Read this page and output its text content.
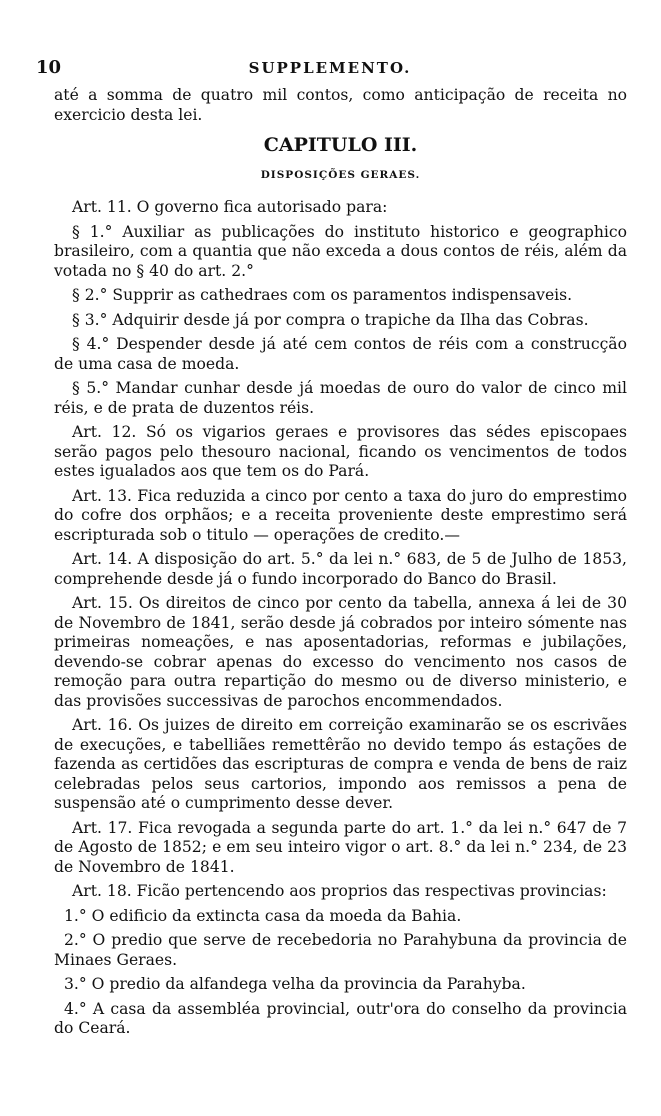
10	SUPPLEMENTO.

até a somma de quatro mil contos, como anticipação de receita no exercicio desta lei.

CAPITULO III.
DISPOSIÇÕES GERAES.

Art. 11. O governo fica autorisado para:

§ 1.° Auxiliar as publicações do instituto historico e geographico brasileiro, com a quantia que não exceda a dous contos de réis, além da votada no § 40 do art. 2.°

§ 2.° Supprir as cathedraes com os paramentos indispensaveis.

§ 3.° Adquirir desde já por compra o trapiche da Ilha das Cobras.

§ 4.° Despender desde já até cem contos de réis com a construcção de uma casa de moeda.

§ 5.° Mandar cunhar desde já moedas de ouro do valor de cinco mil réis, e de prata de duzentos réis.

Art. 12. Só os vigarios geraes e provisores das sédes episcopaes serão pagos pelo thesouro nacional, ficando os vencimentos de todos estes igualados aos que tem os do Pará.

Art. 13. Fica reduzida a cinco por cento a taxa do juro do emprestimo do cofre dos orphãos; e a receita proveniente deste emprestimo será escripturada sob o titulo — operações de credito.—

Art. 14. A disposição do art. 5.° da lei n.° 683, de 5 de Julho de 1853, comprehende desde já o fundo incorporado do Banco do Brasil.

Art. 15. Os direitos de cinco por cento da tabella, annexa á lei de 30 de Novembro de 1841, serão desde já cobrados por inteiro sómente nas primeiras nomeações, e nas aposentadorias, reformas e jubilações, devendo-se cobrar apenas do excesso do vencimento nos casos de remoção para outra repartição do mesmo ou de diverso ministerio, e das provisões successivas de parochos encommendados.

Art. 16. Os juizes de direito em correição examinarão se os escrivães de execuções, e tabelliães remettêrão no devido tempo ás estações de fazenda as certidões das escripturas de compra e venda de bens de raiz celebradas pelos seus cartorios, impondo aos remissos a pena de suspensão até o cumprimento desse dever.

Art. 17. Fica revogada a segunda parte do art. 1.° da lei n.° 647 de 7 de Agosto de 1852; e em seu inteiro vigor o art. 8.° da lei n.° 234, de 23 de Novembro de 1841.

Art. 18. Ficão pertencendo aos proprios das respectivas provincias:

1.° O edificio da extincta casa da moeda da Bahia.

2.° O predio que serve de recebedoria no Parahybuna da provincia de Minaes Geraes.

3.° O predio da alfandega velha da provincia da Parahyba.

4.° A casa da assembléa provincial, outr'ora do conselho da provincia do Ceará.
